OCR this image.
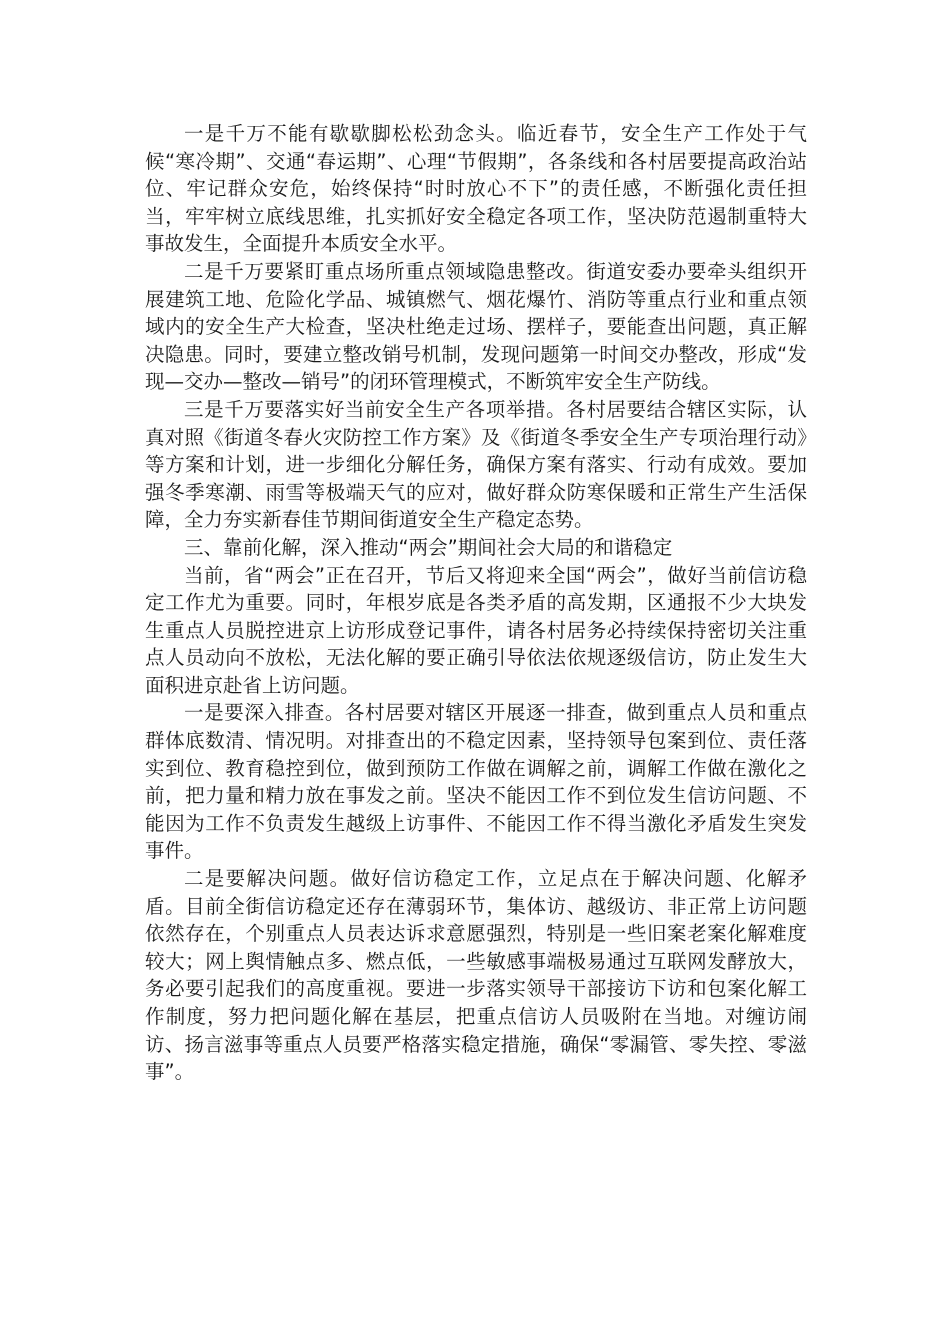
一是千万不能有歇歇脚松松劲念头。临近春节，安全生产工作处于气候“寒冷期”、交通“春运期”、心理“节假期”，各条线和各村居要提高政治站位、牢记群众安危，始终保持“时时放心不下”的责任感，不断强化责任担当，牢牢树立底线思维，扎实抓好安全稳定各项工作，坚决防范遏制重特大事故发生，全面提升本质安全水平。

二是千万要紧盯重点场所重点领域隐患整改。街道安委办要牵头组织开展建筑工地、危险化学品、城镇燃气、烟花爆竹、消防等重点行业和重点领域内的安全生产大检查，坚决杜绝走过场、摆样子，要能查出问题，真正解决隐患。同时，要建立整改销号机制，发现问题第一时间交办整改，形成“发现—交办—整改—销号”的闭环管理模式，不断筑牢安全生产防线。

三是千万要落实好当前安全生产各项举措。各村居要结合辖区实际，认真对照《街道冬春火灾防控工作方案》及《街道冬季安全生产专项治理行动》等方案和计划，进一步细化分解任务，确保方案有落实、行动有成效。要加强冬季寒潮、雨雪等极端天气的应对，做好群众防寒保暖和正常生产生活保障，全力夯实新春佳节期间街道安全生产稳定态势。

三、靠前化解，深入推动“两会”期间社会大局的和谐稳定

当前，省“两会”正在召开，节后又将迎来全国“两会”，做好当前信访稳定工作尤为重要。同时，年根岁底是各类矛盾的高发期，区通报不少大块发生重点人员脱控进京上访形成登记事件，请各村居务必持续保持密切关注重点人员动向不放松，无法化解的要正确引导依法依规逐级信访，防止发生大面积进京赴省上访问题。

一是要深入排查。各村居要对辖区开展逐一排查，做到重点人员和重点群体底数清、情况明。对排查出的不稳定因素，坚持领导包案到位、责任落实到位、教育稳控到位，做到预防工作做在调解之前，调解工作做在激化之前，把力量和精力放在事发之前。坚决不能因工作不到位发生信访问题、不能因为工作不负责发生越级上访事件、不能因工作不得当激化矛盾发生突发事件。

二是要解决问题。做好信访稳定工作，立足点在于解决问题、化解矛盾。目前全街信访稳定还存在薄弱环节，集体访、越级访、非正常上访问题依然存在，个别重点人员表达诉求意愿强烈，特别是一些旧案老案化解难度较大；网上舆情触点多、燃点低，一些敏感事端极易通过互联网发酵放大，务必要引起我们的高度重视。要进一步落实领导干部接访下访和包案化解工作制度，努力把问题化解在基层，把重点信访人员吸附在当地。对缠访闹访、扬言滋事等重点人员要严格落实稳定措施，确保“零漏管、零失控、零滋事”。
